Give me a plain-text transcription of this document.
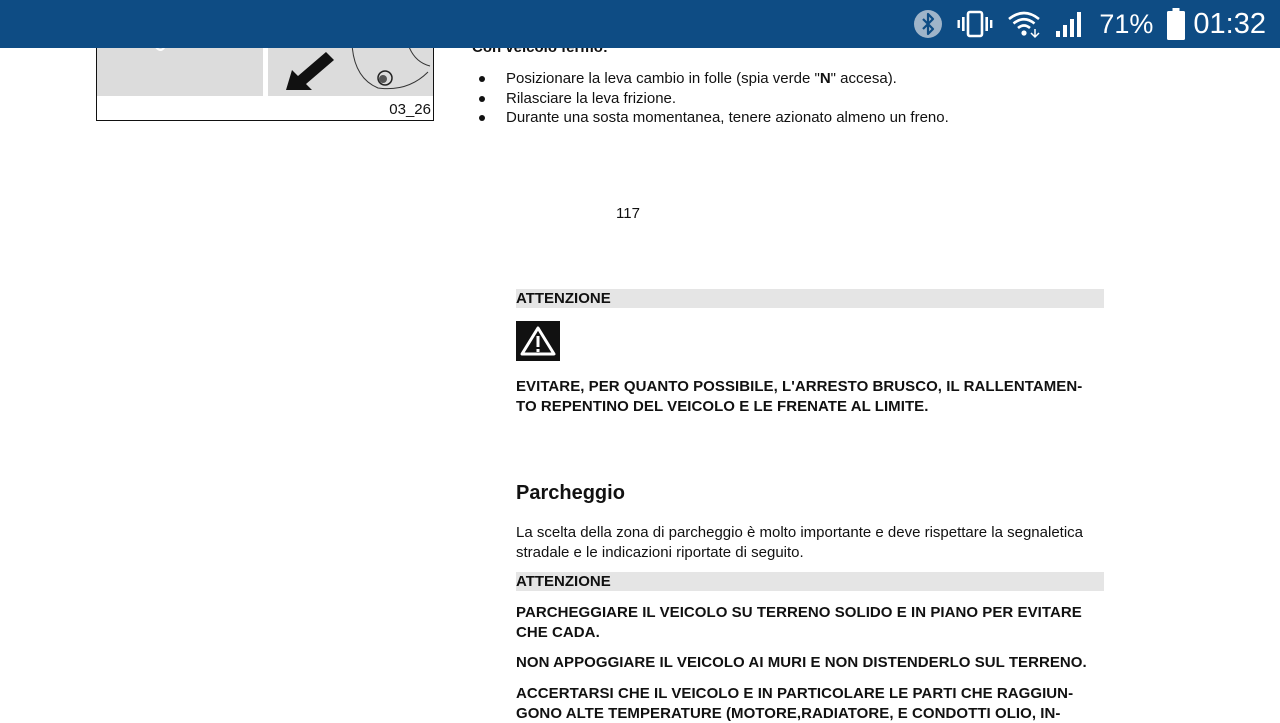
71% 01:32
03_26
Posizionare la leva cambio in folle (spia verde "N" accesa).
Rilasciare la leva frizione.
Durante una sosta momentanea, tenere azionato almeno un freno.
117
ATTENZIONE
EVITARE, PER QUANTO POSSIBILE, L'ARRESTO BRUSCO, IL RALLENTAMEN-
TO REPENTINO DEL VEICOLO E LE FRENATE AL LIMITE.
Parcheggio
La scelta della zona di parcheggio è molto importante e deve rispettare la segnaletica
stradale e le indicazioni riportate di seguito.
ATTENZIONE
PARCHEGGIARE IL VEICOLO SU TERRENO SOLIDO E IN PIANO PER EVITARE
CHE CADA.
NON APPOGGIARE IL VEICOLO AI MURI E NON DISTENDERLO SUL TERRENO.
ACCERTARSI CHE IL VEICOLO E IN PARTICOLARE LE PARTI CHE RAGGIUN-
GONO ALTE TEMPERATURE (MOTORE,RADIATORE, E CONDOTTI OLIO, IN-
